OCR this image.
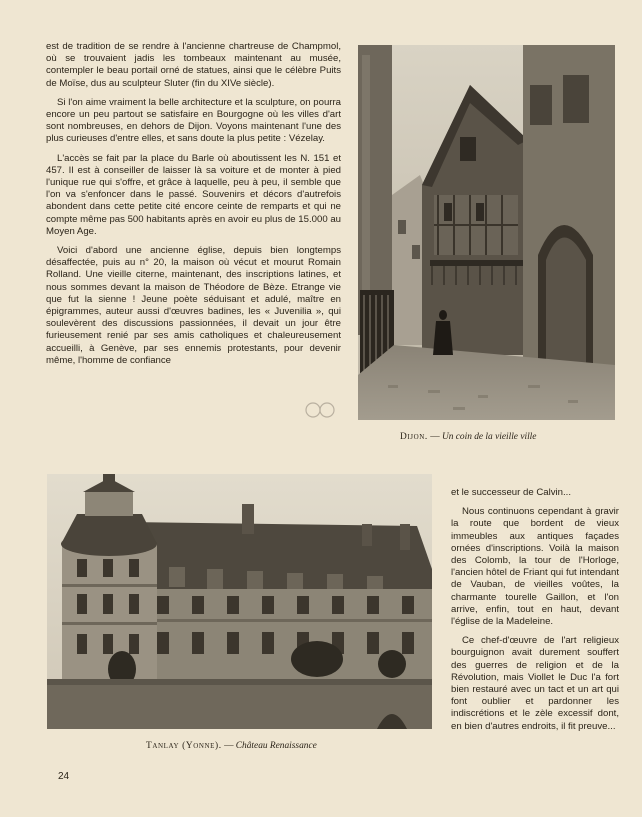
est de tradition de se rendre à l'ancienne chartreuse de Champmol, où se trouvaient jadis les tombeaux maintenant au musée, contempler le beau portail orné de statues, ainsi que le célèbre Puits de Moïse, dus au sculpteur Sluter (fin du XIVe siècle).

Si l'on aime vraiment la belle architecture et la sculpture, on pourra encore un peu partout se satisfaire en Bourgogne où les villes d'art sont nombreuses, en dehors de Dijon. Voyons maintenant l'une des plus curieuses d'entre elles, et sans doute la plus petite : Vézelay.

L'accès se fait par la place du Barle où aboutissent les N. 151 et 457. Il est à conseiller de laisser là sa voiture et de monter à pied l'unique rue qui s'offre, et grâce à laquelle, peu à peu, il semble que l'on va s'enfoncer dans le passé. Souvenirs et décors d'autrefois abondent dans cette petite cité encore ceinte de remparts et qui ne compte même pas 500 habitants après en avoir eu plus de 15.000 au Moyen Age.

Voici d'abord une ancienne église, depuis bien longtemps désaffectée, puis au n° 20, la maison où vécut et mourut Romain Rolland. Une vieille citerne, maintenant, des inscriptions latines, et nous sommes devant la maison de Théodore de Bèze. Etrange vie que fut la sienne ! Jeune poète séduisant et adulé, maître en épigrammes, auteur aussi d'œuvres badines, les « Juvenilia », qui soulevèrent des discussions passionnées, il devait un jour être furieusement renié par ses amis catholiques et chaleureusement accueilli, à Genève, par ses ennemis protestants, pour devenir même, l'homme de confiance

Dijon. — Un coin de la vieille ville
Tanlay (Yonne). — Château Renaissance

et le successeur de Calvin...

Nous continuons cependant à gravir la route que bordent de vieux immeubles aux antiques façades ornées d'inscriptions. Voilà la maison des Colomb, la tour de l'Horloge, l'ancien hôtel de Friant qui fut intendant de Vauban, de vieilles voûtes, la charmante tourelle Gaillon, et l'on arrive, enfin, tout en haut, devant l'église de la Madeleine.

Ce chef-d'œuvre de l'art religieux bourguignon avait durement souffert des guerres de religion et de la Révolution, mais Viollet le Duc l'a fort bien restauré avec un tact et un art qui font oublier et pardonner les indiscrétions et le zèle excessif dont, en bien d'autres endroits, il fit preuve...

24
